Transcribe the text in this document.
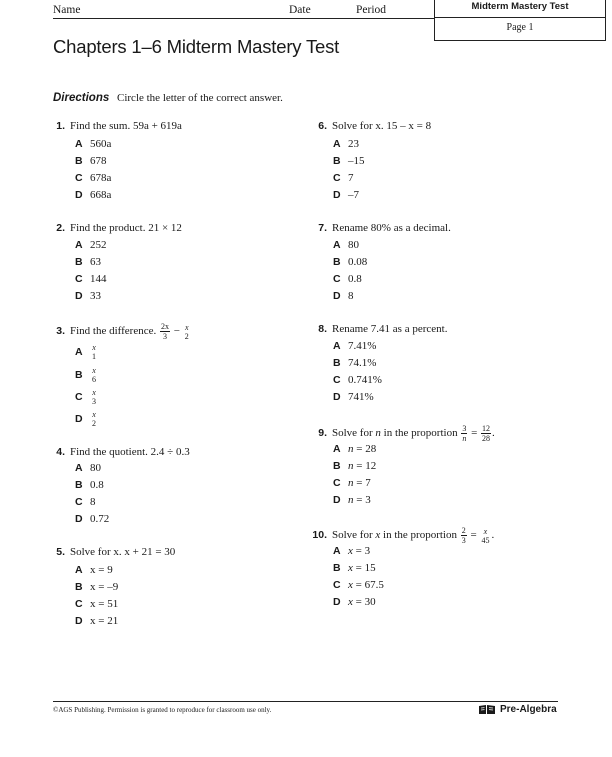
Name	Date	Period	Midterm Mastery Test
Page 1
Chapters 1–6 Midterm Mastery Test
Directions Circle the letter of the correct answer.
1. Find the sum. 59a + 619a
A 560a
B 678
C 678a
D 668a
2. Find the product. 21 × 12
A 252
B 63
C 144
D 33
3. Find the difference. $\frac{2x}{3} - x$
2
A x
1
B x
6
C x
3
D x
2
4. Find the quotient. 2.4 ÷ 0.3
A 80
B 0.8
C 8
D 0.72
5. Solve for x. x + 21 = 30
A x = 9
B x = –9
C x = 51
D x = 21
6. Solve for x. 15 – x = 8
A 23
B –15
C 7
D –7
7. Rename 80% as a decimal.
A 80
B 0.08
C 0.8
D 8
8. Rename 7.41 as a percent.
A 7.41%
B 74.1%
C 0.741%
D 741%
9. Solve for n in the proportion $\frac{3}{n} = \frac{12}{28}$ .
A n = 28
B n = 12
C n = 7
D n = 3
10. Solve for x in the proportion $\frac{2}{3} = x$
45 .
A x = 3
B x = 15
C x = 67.5
D x = 30
©AGS Publishing. Permission is granted to reproduce for classroom use only.	Pre-Algebra
